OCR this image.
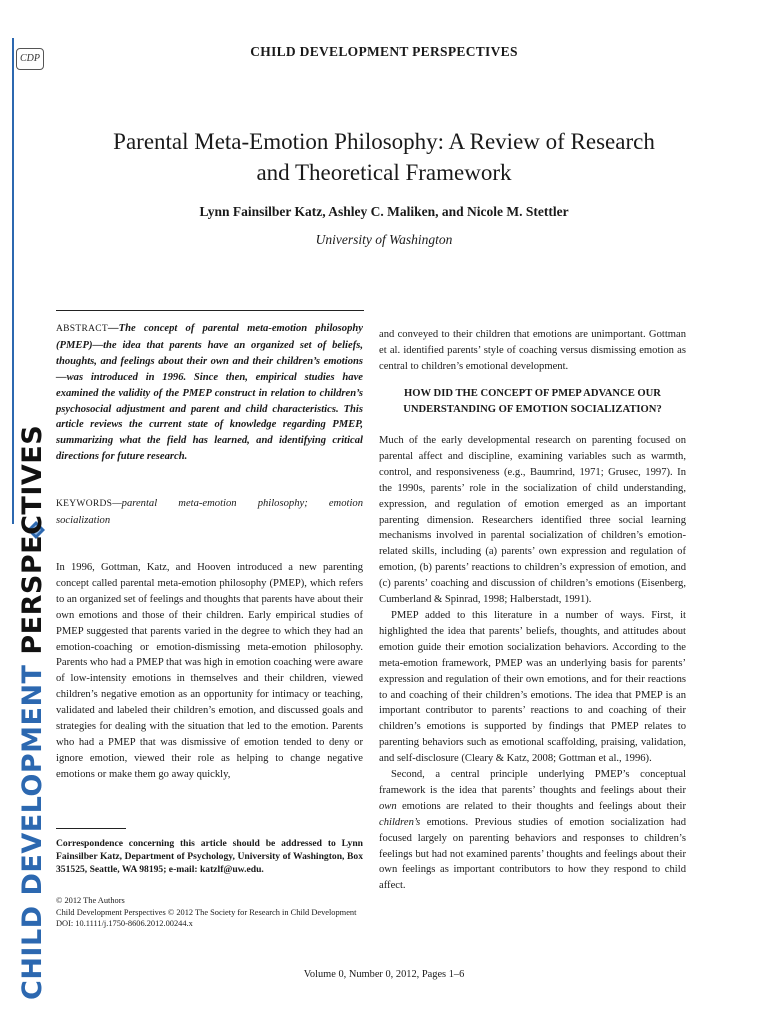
CDP
CHILD DEVELOPMENT PERSPECTIVES
CHILD DEVELOPMENT PERSPECTIVES
Parental Meta-Emotion Philosophy: A Review of Research and Theoretical Framework
Lynn Fainsilber Katz, Ashley C. Maliken, and Nicole M. Stettler
University of Washington
ABSTRACT—The concept of parental meta-emotion philosophy (PMEP)—the idea that parents have an organized set of beliefs, thoughts, and feelings about their own and their children’s emotions—was introduced in 1996. Since then, empirical studies have examined the validity of the PMEP construct in relation to children’s psychosocial adjustment and parent and child characteristics. This article reviews the current state of knowledge regarding PMEP, summarizing what the field has learned, and identifying critical directions for future research.
KEYWORDS—parental meta-emotion philosophy; emotion socialization
In 1996, Gottman, Katz, and Hooven introduced a new parenting concept called parental meta-emotion philosophy (PMEP), which refers to an organized set of feelings and thoughts that parents have about their own emotions and those of their children. Early empirical studies of PMEP suggested that parents varied in the degree to which they had an emotion-coaching or emotion-dismissing meta-emotion philosophy. Parents who had a PMEP that was high in emotion coaching were aware of low-intensity emotions in themselves and their children, viewed children’s negative emotion as an opportunity for intimacy or teaching, validated and labeled their children’s emotion, and discussed goals and strategies for dealing with the situation that led to the emotion. Parents who had a PMEP that was dismissive of emotion tended to deny or ignore emotion, viewed their role as helping to change negative emotions or make them go away quickly,
Correspondence concerning this article should be addressed to Lynn Fainsilber Katz, Department of Psychology, University of Washington, Box 351525, Seattle, WA 98195; e-mail: katzlf@uw.edu.
© 2012 The Authors
Child Development Perspectives © 2012 The Society for Research in Child Development
DOI: 10.1111/j.1750-8606.2012.00244.x
and conveyed to their children that emotions are unimportant. Gottman et al. identified parents’ style of coaching versus dismissing emotion as central to children’s emotional development.
HOW DID THE CONCEPT OF PMEP ADVANCE OUR UNDERSTANDING OF EMOTION SOCIALIZATION?

Much of the early developmental research on parenting focused on parental affect and discipline, examining variables such as warmth, control, and responsiveness (e.g., Baumrind, 1971; Grusec, 1997). In the 1990s, parents’ role in the socialization of child understanding, expression, and regulation of emotion emerged as an important parenting dimension. Researchers identified three social learning mechanisms involved in parental socialization of children’s emotion-related skills, including (a) parents’ own expression and regulation of emotion, (b) parents’ reactions to children’s expression of emotion, and (c) parents’ coaching and discussion of children’s emotions (Eisenberg, Cumberland & Spinrad, 1998; Halberstadt, 1991).

PMEP added to this literature in a number of ways. First, it highlighted the idea that parents’ beliefs, thoughts, and attitudes about emotion guide their emotion socialization behaviors. According to the meta-emotion framework, PMEP was an underlying basis for parents’ expression and regulation of their own emotions, and for their reactions to and coaching of their children’s emotions. The idea that PMEP is an important contributor to parents’ reactions to and coaching of their children’s emotions is supported by findings that PMEP relates to parenting behaviors such as emotional scaffolding, praising, validation, and self-disclosure (Cleary & Katz, 2008; Gottman et al., 1996).

Second, a central principle underlying PMEP’s conceptual framework is the idea that parents’ thoughts and feelings about their own emotions are related to their thoughts and feelings about their children’s emotions. Previous studies of emotion socialization had focused largely on parenting behaviors and responses to children’s feelings but had not examined parents’ thoughts and feelings about their own feelings as important contributors to how they respond to child affect.

Volume 0, Number 0, 2012, Pages 1–6
